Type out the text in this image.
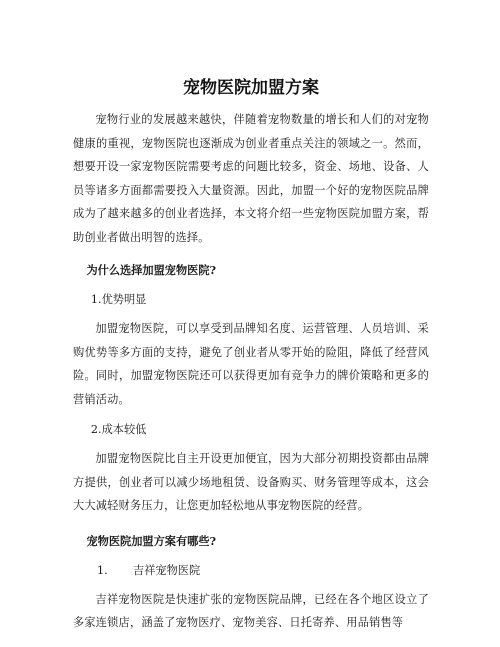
宠物医院加盟方案

宠物行业的发展越来越快，伴随着宠物数量的增长和人们的对宠物健康的重视，宠物医院也逐渐成为创业者重点关注的领域之一。然而，想要开设一家宠物医院需要考虑的问题比较多，资金、场地、设备、人员等诸多方面都需要投入大量资源。因此，加盟一个好的宠物医院品牌成为了越来越多的创业者选择，本文将介绍一些宠物医院加盟方案，帮助创业者做出明智的选择。

为什么选择加盟宠物医院?
1.优势明显

加盟宠物医院，可以享受到品牌知名度、运营管理、人员培训、采购优势等多方面的支持，避免了创业者从零开始的险阻，降低了经营风险。同时，加盟宠物医院还可以获得更加有竞争力的牌价策略和更多的营销活动。

2.成本较低

加盟宠物医院比自主开设更加便宜，因为大部分初期投资都由品牌方提供，创业者可以减少场地租赁、设备购买、财务管理等成本，这会大大减轻财务压力，让您更加轻松地从事宠物医院的经营。

宠物医院加盟方案有哪些?
1.	吉祥宠物医院

吉祥宠物医院是快速扩张的宠物医院品牌，已经在各个地区设立了多家连锁店，涵盖了宠物医疗、宠物美容、日托寄养、用品销售等
